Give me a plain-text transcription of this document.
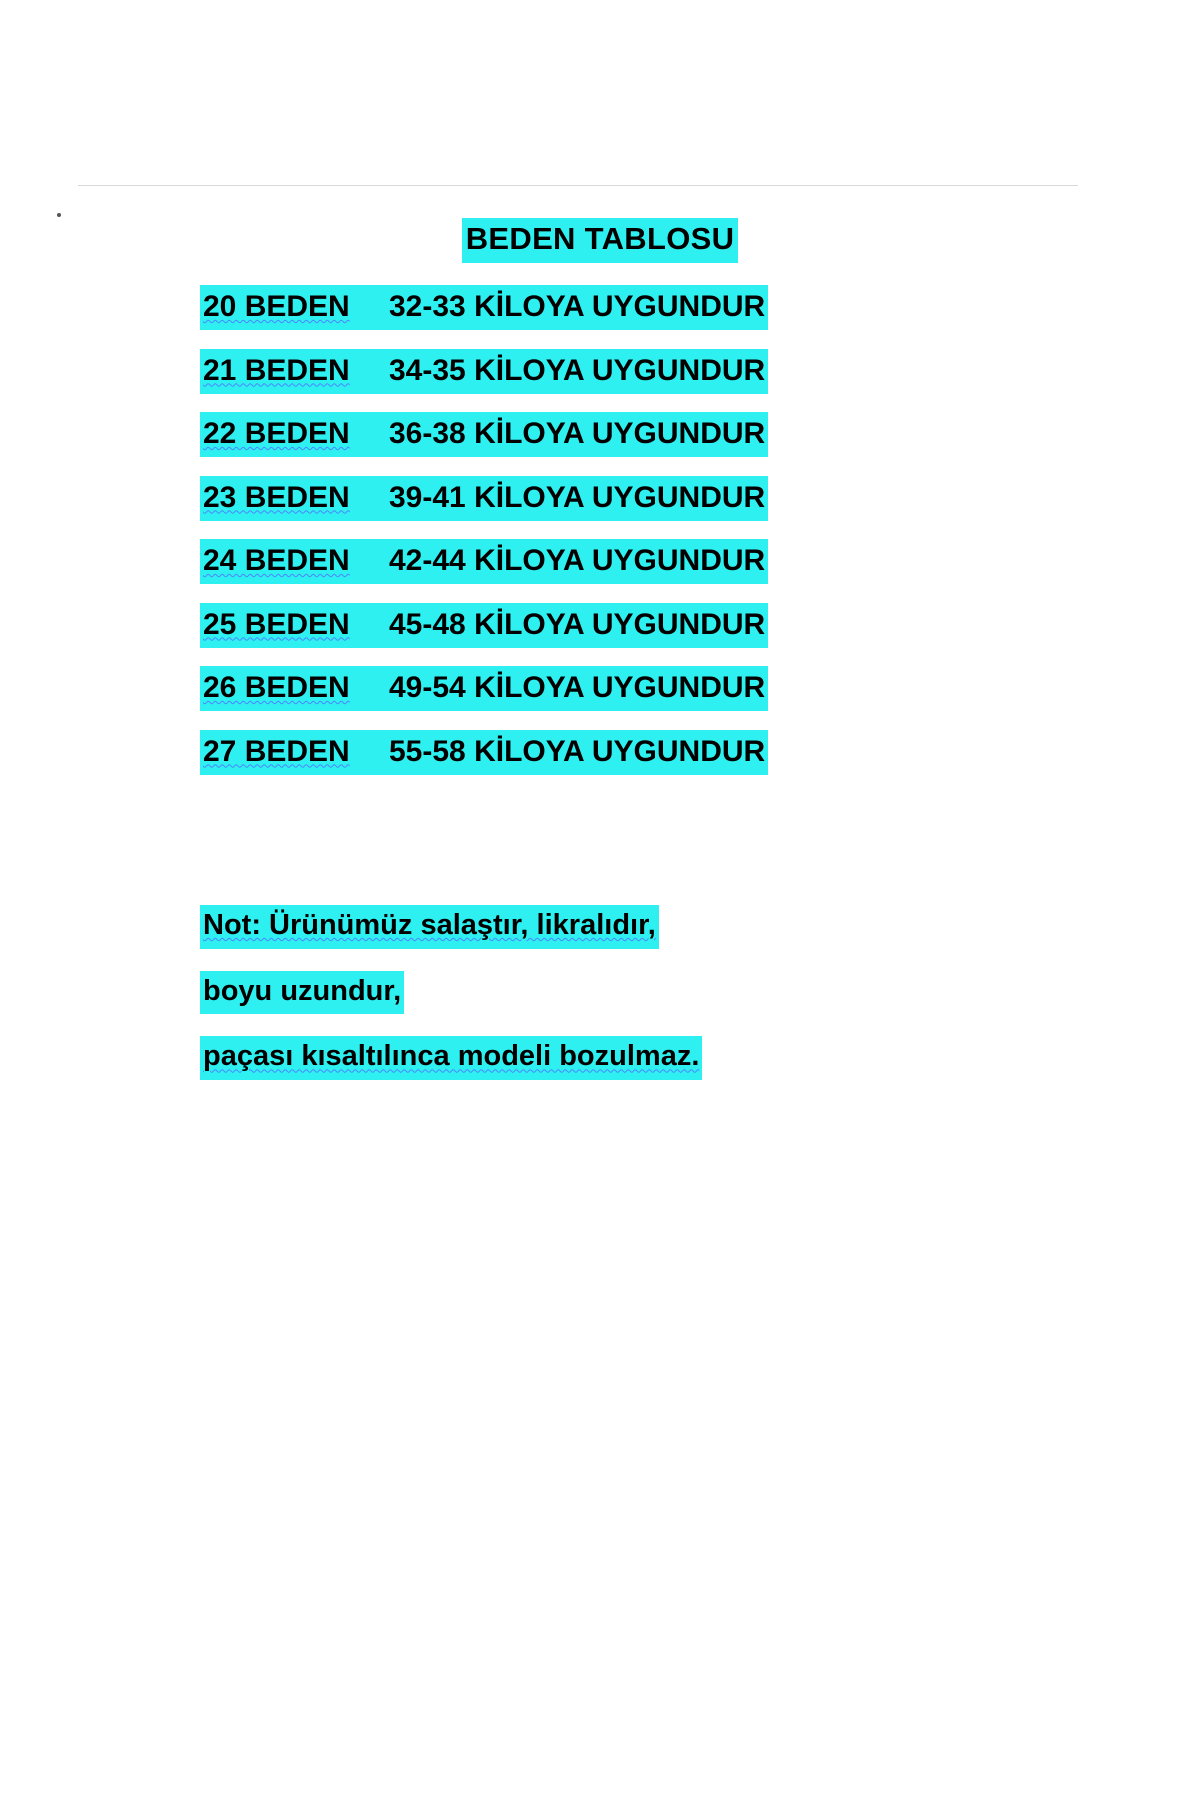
BEDEN TABLOSU
20 BEDEN 32-33 KİLOYA UYGUNDUR
21 BEDEN 34-35 KİLOYA UYGUNDUR
22 BEDEN 36-38 KİLOYA UYGUNDUR
23 BEDEN 39-41 KİLOYA UYGUNDUR
24 BEDEN 42-44 KİLOYA UYGUNDUR
25 BEDEN 45-48 KİLOYA UYGUNDUR
26 BEDEN 49-54 KİLOYA UYGUNDUR
27 BEDEN 55-58 KİLOYA UYGUNDUR
Not: Ürünümüz salaştır, likralıdır,
boyu uzundur,
paçası kısaltılınca modeli bozulmaz.
